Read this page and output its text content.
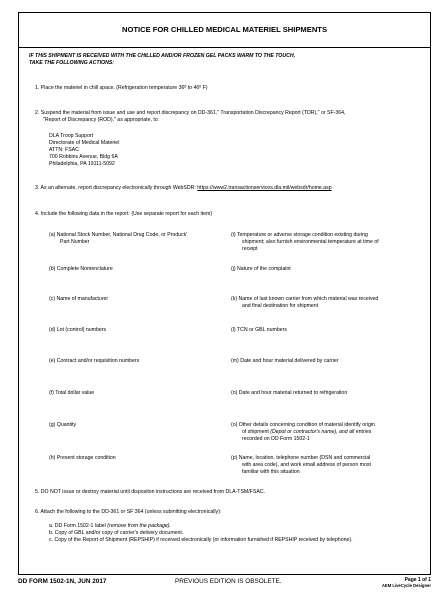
NOTICE FOR CHILLED MEDICAL MATERIEL SHIPMENTS
IF THIS SHIPMENT IS RECEIVED WITH THE CHILLED AND/OR FROZEN GEL PACKS WARM TO THE TOUCH,
TAKE THE FOLLOWING ACTIONS:
1. Place the materiel in chill space. (Refrigeration temperature 36º to 46º F)
2. Suspend the material from issue and use and report discrepancy on DD-361," Transportation Discrepancy Report (TDR)," or SF-364,
"Report of Discrepancy (ROD)," as appropriate, to:
DLA Troop Support
Directorate of Medical Materiel
ATTN: FSAC
700 Robbins Avenue, Bldg 6A
Philadelphia, PA 19111-5092
3. As an alternate, report discrepancy electronically through WebSDR: https://www2.transactionservices.dla.mil/websdr/home.asp
4. Include the following data in the report: (Use separate report for each item)
(a) National Stock Number, National Drug Code, or Product/
Part Number
(b) Complete Nomenclature
(c) Name of manufacturer
(d) Lot (control) numbers
(e) Contract and/or requisition numbers
(f) Total dollar value
(g) Quantity
(h) Present storage condition
(i) Temperature or adverse storage condition existing during
shipment; also furnish environmental temperature at time of
receipt
(j) Nature of the complaint
(k) Name of last known carrier from which material was received
and final destination for shipment
(l) TCN or GBL numbers
(m) Date and hour material delivered by carrier
(n) Date and hour material returned to refrigeration
(o) Other details concerning condition of material identify origin
of shipment (Depot or contractor's name), and all entries
recorded on DD Form 1502-1
(p) Name, location, telephone number (DSN and commercial
with area code), and work email address of person most
familiar with this situation
5. DO NOT issue or destroy material until dispositon instructions are received from DLA-TSM/FSAC.
6. Attach the following to the DD-361 or SF 364 (unless submitting electronically):
a. DD Form 1502-1 label (remove from the package).
b. Copy of GBL and/or copy of carrier's delivery document.
c. Copy of the Report of Shipment (REPSHIP) if received electronically (or information furnished if REPSHIP received by telephone).
DD FORM 1502-1N, JUN 2017	PREVIOUS EDITION IS OBSOLETE.	Page 1 of 1
AEM LiveCycle Designer
